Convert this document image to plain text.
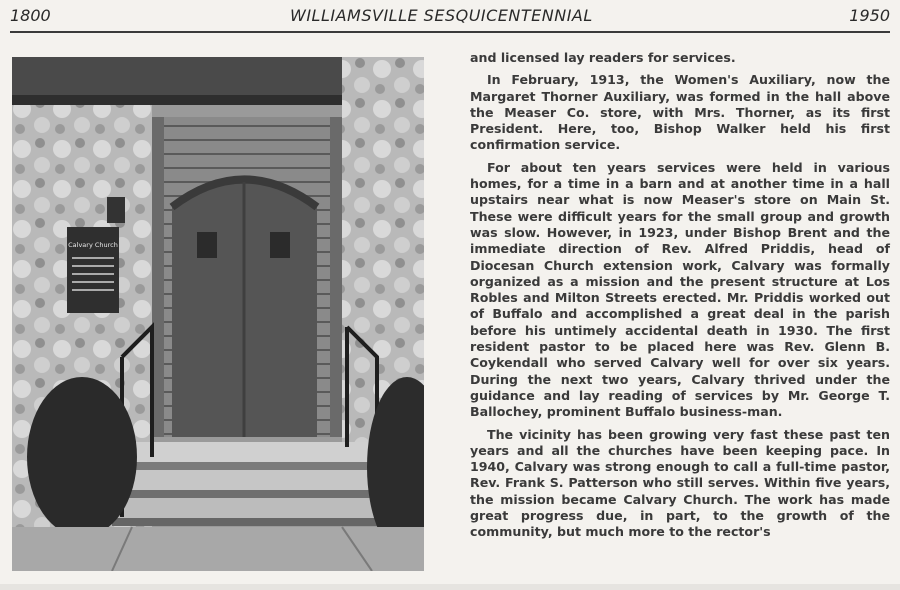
1800	WILLIAMSVILLE SESQUICENTENNIAL	1950
Calvary Church

and licensed lay readers for services.

In February, 1913, the Women's Auxiliary, now the Margaret Thorner Auxiliary, was formed in the hall above the Measer Co. store, with Mrs. Thorner, as its first President. Here, too, Bishop Walker held his first confirmation service.

For about ten years services were held in various homes, for a time in a barn and at another time in a hall upstairs near what is now Measer's store on Main St. These were difficult years for the small group and growth was slow. However, in 1923, under Bishop Brent and the immediate direction of Rev. Alfred Priddis, head of Diocesan Church extension work, Calvary was formally organized as a mission and the present structure at Los Robles and Milton Streets erected. Mr. Priddis worked out of Buffalo and accomplished a great deal in the parish before his untimely accidental death in 1930. The first resident pastor to be placed here was Rev. Glenn B. Coykendall who served Calvary well for over six years. During the next two years, Calvary thrived under the guidance and lay reading of services by Mr. George T. Ballochey, prominent Buffalo business-man.

The vicinity has been growing very fast these past ten years and all the churches have been keeping pace. In 1940, Calvary was strong enough to call a full-time pastor, Rev. Frank S. Patterson who still serves. Within five years, the mission became Calvary Church. The work has made great progress due, in part, to the growth of the community, but much more to the rector's
